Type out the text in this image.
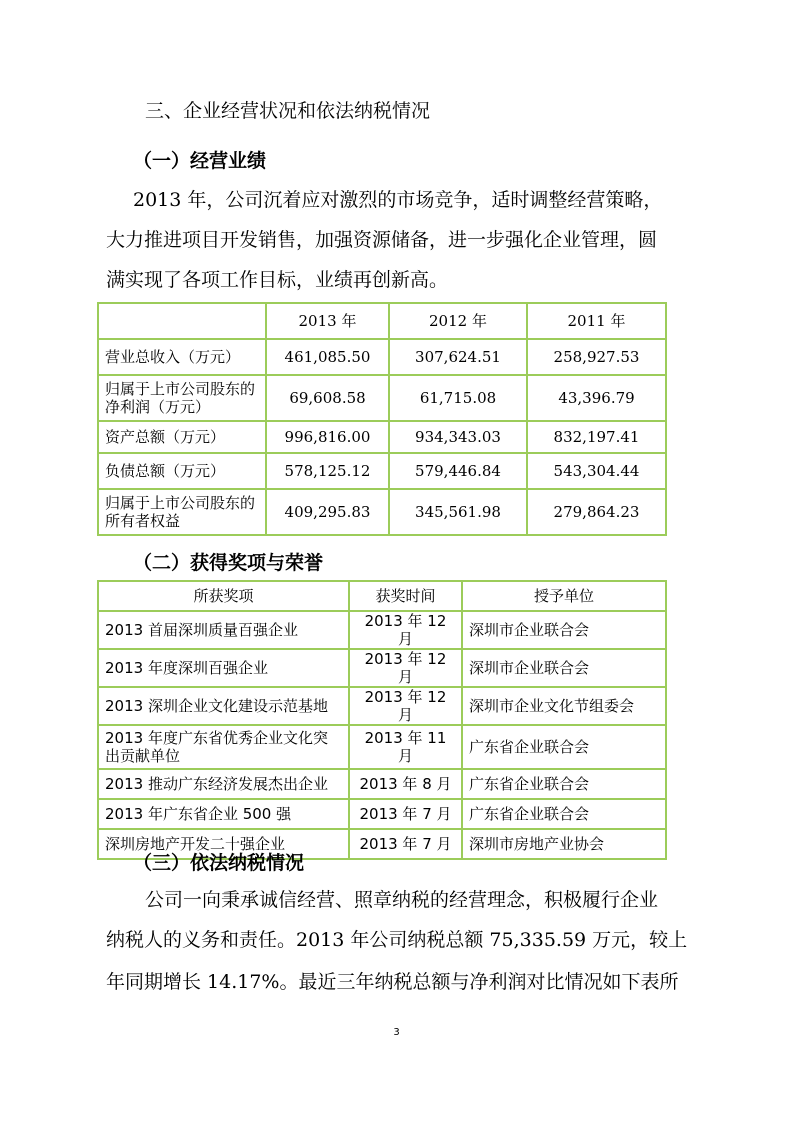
三、企业经营状况和依法纳税情况
（一）经营业绩
2013 年，公司沉着应对激烈的市场竞争，适时调整经营策略，
大力推进项目开发销售，加强资源储备，进一步强化企业管理，圆
满实现了各项工作目标，业绩再创新高。
	2013 年	2012 年	2011 年
营业总收入（万元）	461,085.50	307,624.51	258,927.53
归属于上市公司股东的净利润（万元）	69,608.58	61,715.08	43,396.79
资产总额（万元）	996,816.00	934,343.03	832,197.41
负债总额（万元）	578,125.12	579,446.84	543,304.44
归属于上市公司股东的所有者权益	409,295.83	345,561.98	279,864.23
（二）获得奖项与荣誉
所获奖项	获奖时间	授予单位
2013 首届深圳质量百强企业	2013 年 12 月	深圳市企业联合会
2013 年度深圳百强企业	2013 年 12 月	深圳市企业联合会
2013 深圳企业文化建设示范基地	2013 年 12 月	深圳市企业文化节组委会
2013 年度广东省优秀企业文化突出贡献单位	2013 年 11 月	广东省企业联合会
2013 推动广东经济发展杰出企业	2013 年 8 月	广东省企业联合会
2013 年广东省企业 500 强	2013 年 7 月	广东省企业联合会
深圳房地产开发二十强企业	2013 年 7 月	深圳市房地产业协会
（三）依法纳税情况
公司一向秉承诚信经营、照章纳税的经营理念，积极履行企业
纳税人的义务和责任。2013 年公司纳税总额 75,335.59 万元，较上
年同期增长 14.17%。最近三年纳税总额与净利润对比情况如下表所
3
